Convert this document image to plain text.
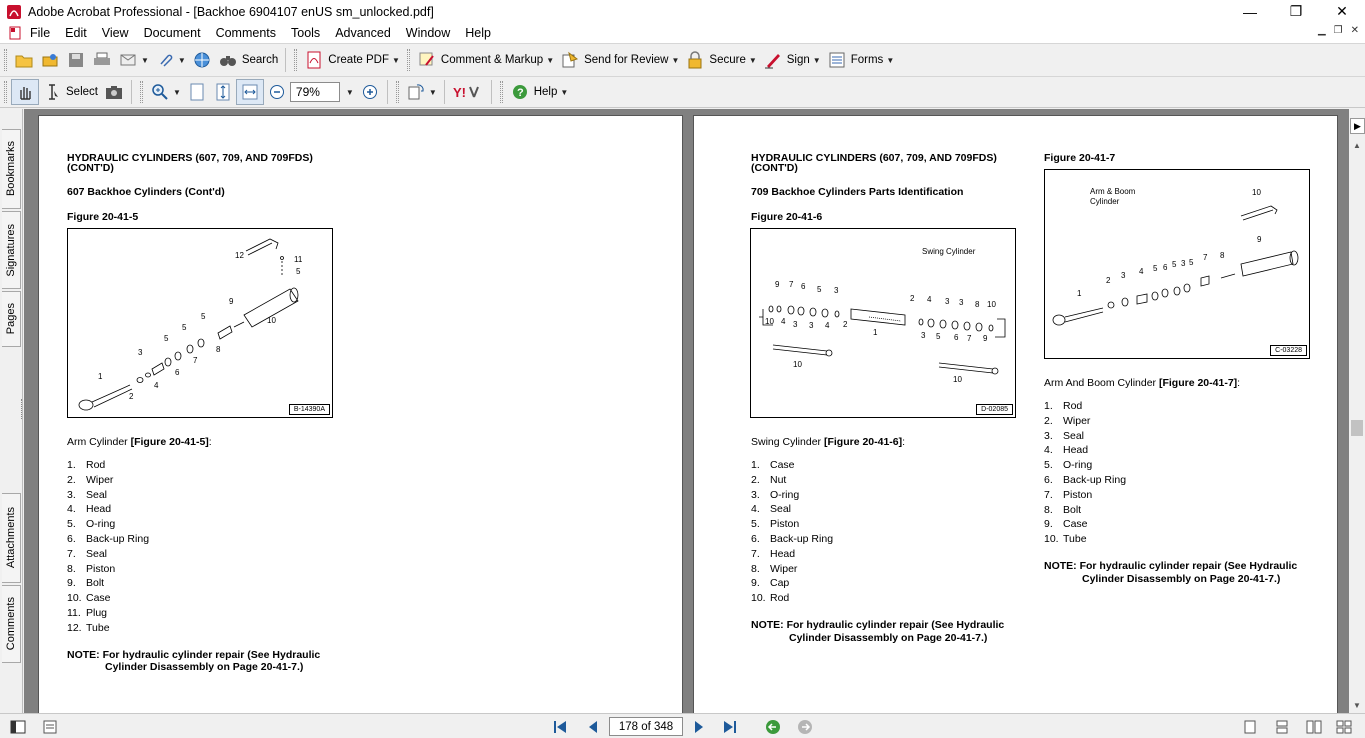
Adobe Acrobat Professional - [Backhoe 6904107 enUS sm_unlocked.pdf]	—	❐	✕
File Edit View Document Comments Tools Advanced Window Help	▁ ❐ ✕
▼	▼	Search	Create PDF ▼	Comment & Markup ▼	Send for Review ▼	Secure ▼	Sign ▼	Forms ▼
Select	▼	79%	▼	▼ Y!	? Help ▼
Bookmarks
Signatures
Pages
Attachments
Comments
HYDRAULIC CYLINDERS (607, 709, AND 709FDS)
(CONT'D)
607 Backhoe Cylinders (Cont'd)
Figure 20-41-5
1
2
3
4
5
6
5
7
5
8
9
10
12	11
5
B-14390A
Arm Cylinder [Figure 20-41-5]:
1. Rod
2. Wiper
3. Seal
4. Head
5. O-ring
6. Back-up Ring
7. Seal
8. Piston
9. Bolt
10. Case
11. Plug
12. Tube
NOTE: For hydraulic cylinder repair (See Hydraulic
Cylinder Disassembly on Page 20-41-7.)
HYDRAULIC CYLINDERS (607, 709, AND 709FDS)
(CONT'D)
709 Backhoe Cylinders Parts Identification
Figure 20-41-6
Swing Cylinder
9 7 6 5 3
2 4 3 3 8 10
10 4 3 3 4 2
1	3 5 6 7 9
10
10
D-02085
Swing Cylinder [Figure 20-41-6]:
1. Case
2. Nut
3. O-ring
4. Seal
5. Piston
6. Back-up Ring
7. Head
8. Wiper
9. Cap
10. Rod
NOTE: For hydraulic cylinder repair (See Hydraulic
Cylinder Disassembly on Page 20-41-7.)
Figure 20-41-7
Arm & Boom
Cylinder
1
2
3 4 5 6 5 3 5
7 8
9
10
C-03228
Arm And Boom Cylinder [Figure 20-41-7]:
1. Rod
2. Wiper
3. Seal
4. Head
5. O-ring
6. Back-up Ring
7. Piston
8. Bolt
9. Case
10. Tube
NOTE: For hydraulic cylinder repair (See Hydraulic
Cylinder Disassembly on Page 20-41-7.)
▲
▼
▶
178 of 348
